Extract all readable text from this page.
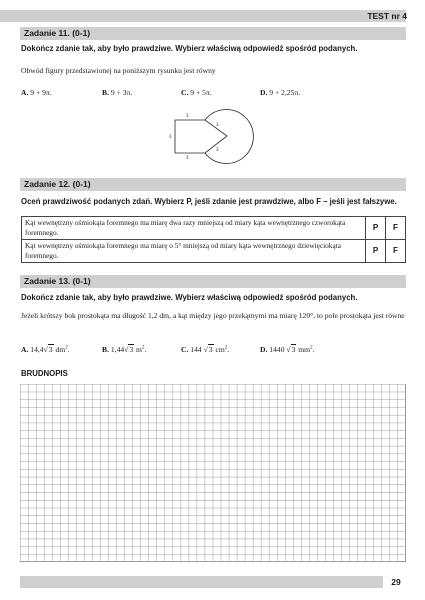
TEST nr 4
Zadanie 11. (0-1)
Dokończ zdanie tak, aby było prawdziwe. Wybierz właściwą odpowiedź spośród podanych.
Obwód figury przedstawionej na poniższym rysunku jest równy
A. 9 + 9π.	B. 9 + 3π.	C. 9 + 5π.	D. 9 + 2,25π.
3
3
3
3
3
Zadanie 12. (0-1)
Oceń prawdziwość podanych zdań. Wybierz P, jeśli zdanie jest prawdziwe, albo F – jeśli jest fałszywe.
Kąt wewnętrzny ośmiokąta foremnego ma miarę dwa razy mniejszą od miary kąta wewnętrznego czworokąta foremnego.	P	F
Kąt wewnętrzny ośmiokąta foremnego ma miarę o 5° mniejszą od miary kąta wewnętrznego dziewięciokąta foremnego.	P	F
Zadanie 13. (0-1)
Dokończ zdanie tak, aby było prawdziwe. Wybierz właściwą odpowiedź spośród podanych.
Jeżeli krótszy bok prostokąta ma długość 1,2 dm, a kąt między jego przekątnymi ma miarę 120°, to pole prostokąta jest równe
A. 14,4√3 $dm^2$.	B. 1,44√3 $m^2$.	C. 144 √3 $cm^2$.	D. 1440 √3 $mm^2$.
BRUDNOPIS
29
